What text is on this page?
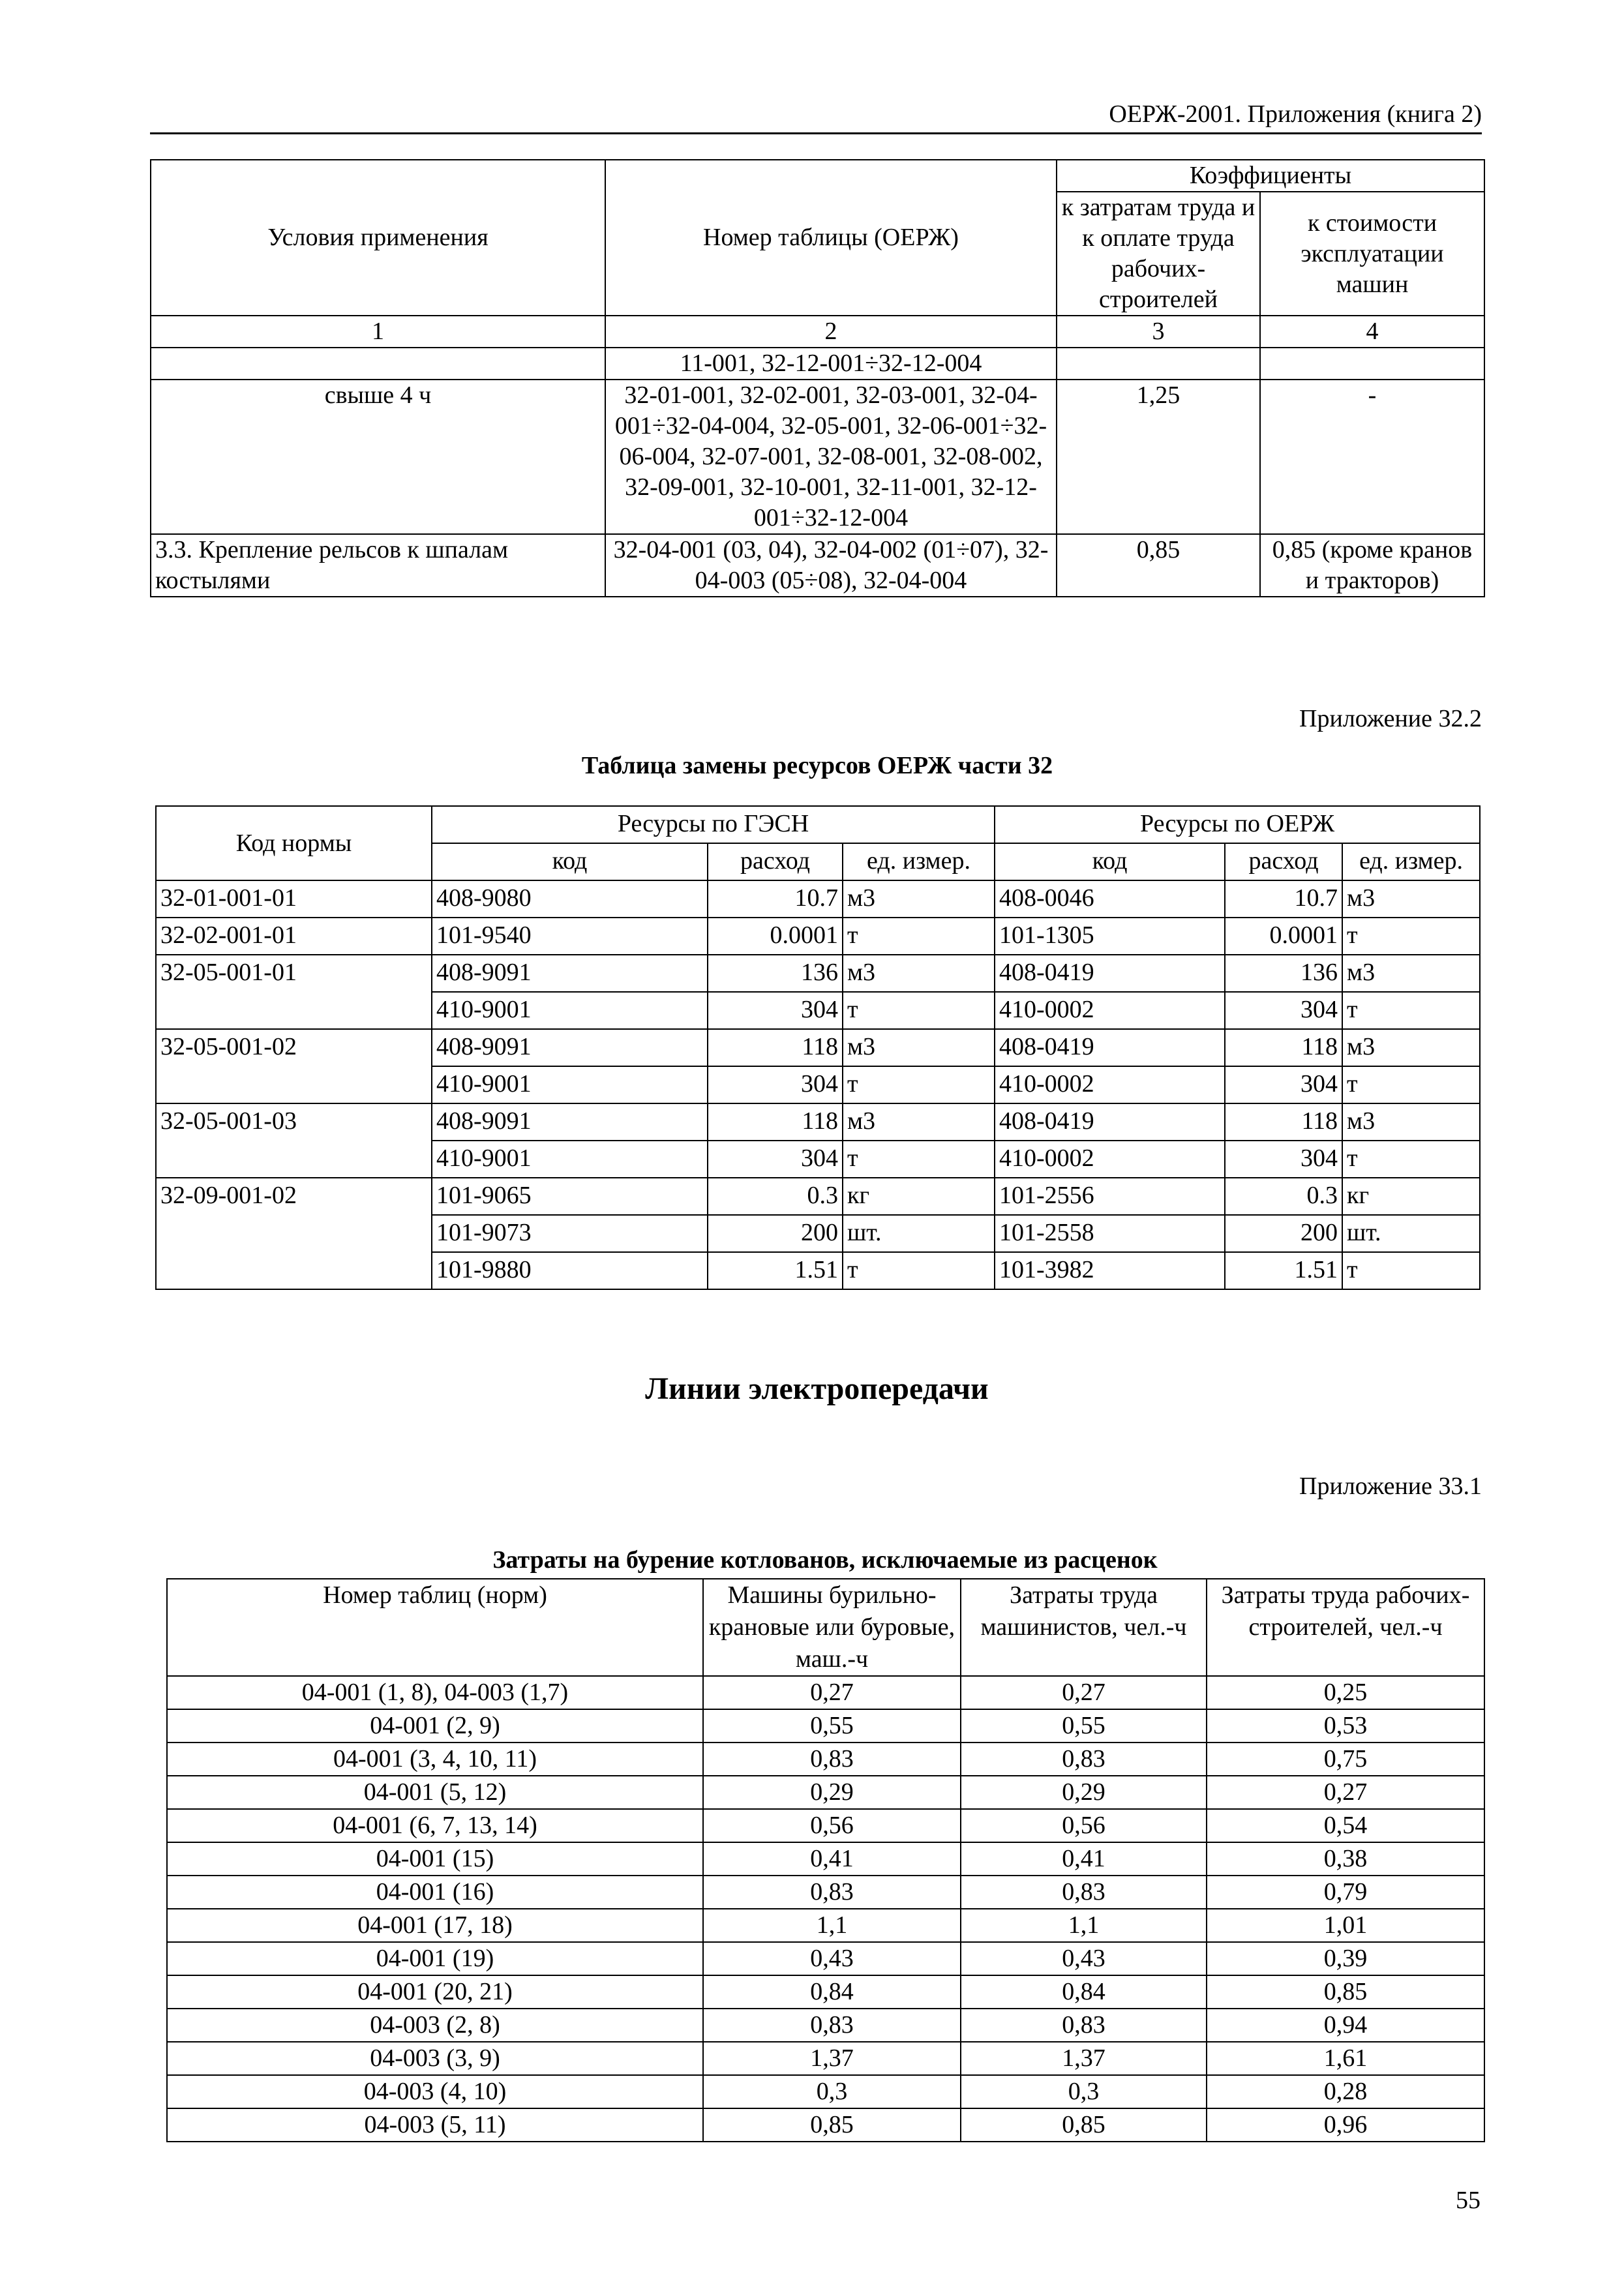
ОЕРЖ-2001. Приложения (книга 2)
Условия применения	Номер таблицы (ОЕРЖ)	Коэффициенты	
		к затратам труда и к оплате труда рабочих-строителей	к стоимости эксплуатации машин
1	2	3	4
	11-001, 32-12-001÷32-12-004		
свыше 4 ч	32-01-001, 32-02-001, 32-03-001, 32-04-001÷32-04-004, 32-05-001, 32-06-001÷32-06-004, 32-07-001, 32-08-001, 32-08-002, 32-09-001, 32-10-001, 32-11-001, 32-12-001÷32-12-004	1,25	-
3.3. Крепление рельсов к шпалам костылями	32-04-001 (03, 04), 32-04-002 (01÷07), 32-04-003 (05÷08), 32-04-004	0,85	0,85 (кроме кранов и тракторов)
Приложение 32.2
Таблица замены ресурсов ОЕРЖ части 32
Код нормы	Ресурсы по ГЭСН			Ресурсы по ОЕРЖ		
	код	расход	ед. измер.	код	расход	ед. измер.
32-01-001-01	408-9080	10.7	м3	408-0046	10.7	м3
32-02-001-01	101-9540	0.0001	т	101-1305	0.0001	т
32-05-001-01	408-9091	136	м3	408-0419	136	м3
	410-9001	304	т	410-0002	304	т
32-05-001-02	408-9091	118	м3	408-0419	118	м3
	410-9001	304	т	410-0002	304	т
32-05-001-03	408-9091	118	м3	408-0419	118	м3
	410-9001	304	т	410-0002	304	т
32-09-001-02	101-9065	0.3	кг	101-2556	0.3	кг
	101-9073	200	шт.	101-2558	200	шт.
	101-9880	1.51	т	101-3982	1.51	т
Линии электропередачи
Приложение 33.1
Затраты на бурение котлованов, исключаемые из расценок
Номер таблиц (норм)	Машины бурильно-крановые или буровые, маш.-ч	Затраты труда машинистов, чел.-ч	Затраты труда рабочих-строителей, чел.-ч
04-001 (1, 8), 04-003 (1,7)	0,27	0,27	0,25
04-001 (2, 9)	0,55	0,55	0,53
04-001 (3, 4, 10, 11)	0,83	0,83	0,75
04-001 (5, 12)	0,29	0,29	0,27
04-001 (6, 7, 13, 14)	0,56	0,56	0,54
04-001 (15)	0,41	0,41	0,38
04-001 (16)	0,83	0,83	0,79
04-001 (17, 18)	1,1	1,1	1,01
04-001 (19)	0,43	0,43	0,39
04-001 (20, 21)	0,84	0,84	0,85
04-003 (2, 8)	0,83	0,83	0,94
04-003 (3, 9)	1,37	1,37	1,61
04-003 (4, 10)	0,3	0,3	0,28
04-003 (5, 11)	0,85	0,85	0,96
55
